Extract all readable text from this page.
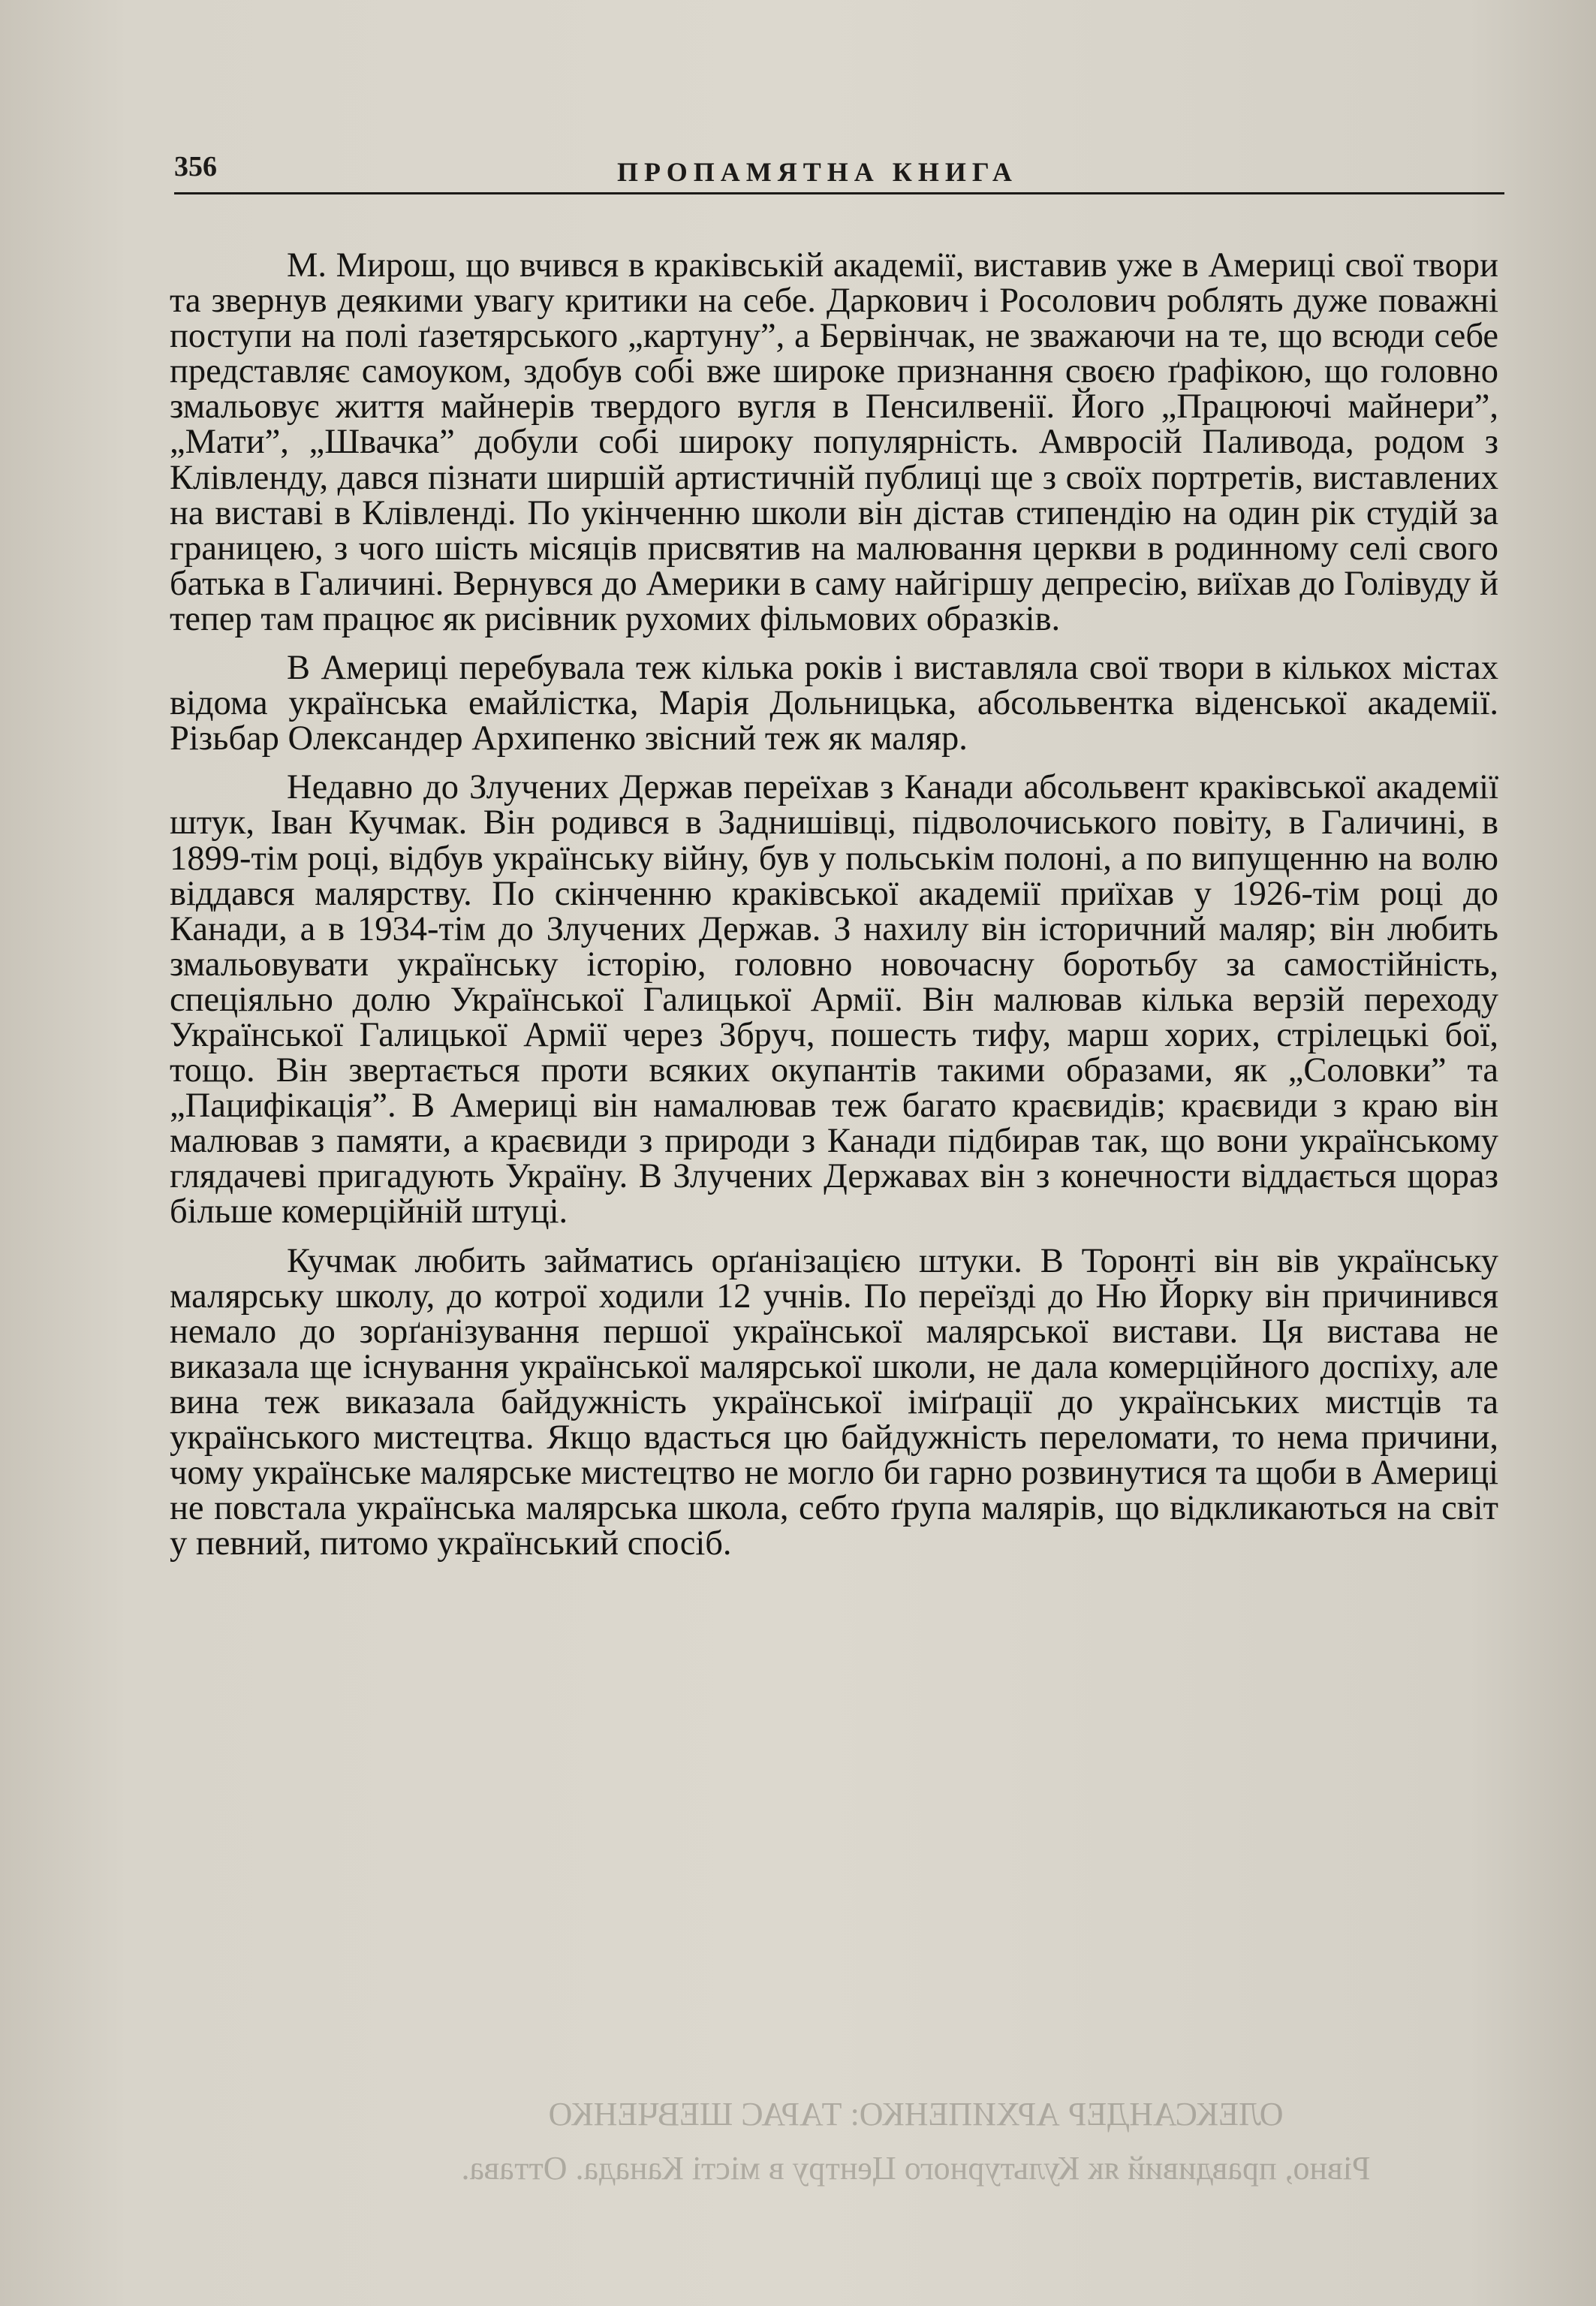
ОЛЕКСАНДЕР АРХИПЕНКО: ТАРАС ШЕВЧЕНКО
Рівно, правдивий як Культурного Центру в місті Канада. Оттава.
356	ПРОПАМЯТНА КНИГА

М. Мирош, що вчився в краківській академії, виставив уже в Америці свої твори та звернув деякими увагу критики на себе. Даркович і Росолович роблять дуже поважні поступи на полі ґазетярського „картуну”, а Бервінчак, не зважаючи на те, що всюди себе представляє самоуком, здобув собі вже широке признання своєю ґрафікою, що головно змальовує життя майнерів твердого вугля в Пенсилвенії. Його „Працюючі майнери”, „Мати”, „Швачка” добули собі широку популярність. Амвросій Паливода, родом з Клівленду, дався пізнати ширшій артистичній публиці ще з своїх портретів, виставлених на виставі в Клівленді. По укінченню школи він дістав стипендію на один рік студій за границею, з чого шість місяців присвятив на малювання церкви в родинному селі свого батька в Галичині. Вернувся до Америки в саму найгіршу депресію, виїхав до Голівуду й тепер там працює як рисівник рухомих фільмових образків.

В Америці перебувала теж кілька років і виставляла свої твори в кількох містах відома українська емайлістка, Марія Дольницька, абсольвентка віденської академії. Різьбар Олександер Архипенко звісний теж як маляр.

Недавно до Злучених Держав переїхав з Канади абсольвент краківської академії штук, Іван Кучмак. Він родився в Заднишівці, підволочиського повіту, в Галичині, в 1899-тім році, відбув українську війну, був у польськім полоні, а по випущенню на волю віддався малярству. По скінченню краківської академії приїхав у 1926-тім році до Канади, а в 1934-тім до Злучених Держав. З нахилу він історичний маляр; він любить змальовувати українську історію, головно новочасну боротьбу за самостійність, спеціяльно долю Української Галицької Армії. Він малював кілька верзій переходу Української Галицької Армії через Збруч, пошесть тифу, марш хорих, стрілецькі бої, тощо. Він звертається проти всяких окупантів такими образами, як „Соловки” та „Пацифікація”. В Америці він намалював теж багато краєвидів; краєвиди з краю він малював з памяти, а краєвиди з природи з Канади підбирав так, що вони українському глядачеві пригадують Україну. В Злучених Державах він з конечности віддається щораз більше комерційній штуці.

Кучмак любить займатись орґанізацією штуки. В Торонті він вів українську малярську школу, до котрої ходили 12 учнів. По переїзді до Ню Йорку він причинився немало до зорґанізування першої української малярської вистави. Ця вистава не виказала ще існування української малярської школи, не дала комерційного доспіху, але вина теж виказала байдужність української іміґрації до українських мистців та українського мистецтва. Якщо вдасться цю байдужність переломати, то нема причини, чому українське малярське мистецтво не могло би гарно розвинутися та щоби в Америці не повстала українська малярська школа, себто ґрупа малярів, що відкликаються на світ у певний, питомо український спосіб.
